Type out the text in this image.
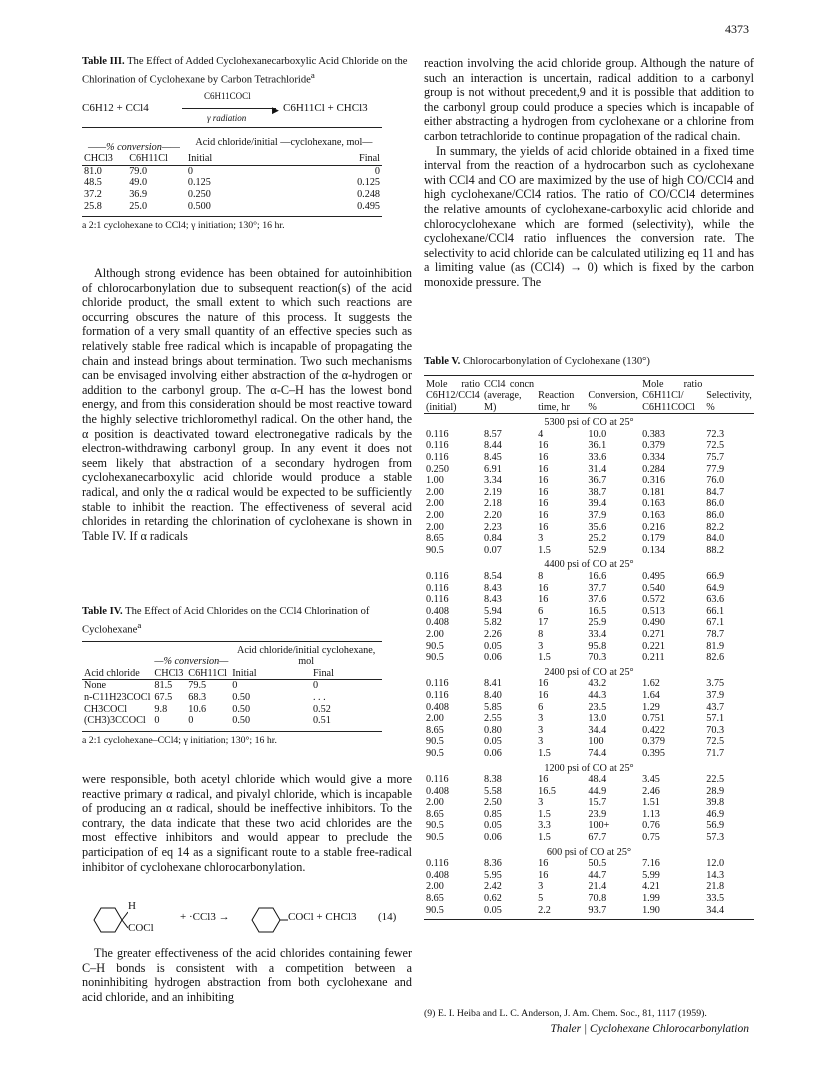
4373
Table III. The Effect of Added Cyclohexanecarboxylic Acid Chloride on the Chlorination of Cyclohexane by Carbon Tetrachloride$^a$
C6H12 + CCl4
C6H11COCl
▶
γ radiation
C6H11Cl + CHCl3
——% conversion——		Acid chloride/initial —cyclohexane, mol—	
CHCl3	C6H11Cl	Initial	Final
81.0	79.0	0	0
48.5	49.0	0.125	0.125
37.2	36.9	0.250	0.248
25.8	25.0	0.500	0.495
a 2:1 cyclohexane to CCl4; γ initiation; 130°; 16 hr.

Although strong evidence has been obtained for autoinhibition of chlorocarbonylation due to subsequent reaction(s) of the acid chloride product, the small extent to which such reactions are occurring obscures the nature of this process. It suggests the formation of a very small quantity of an effective species such as relatively stable free radical which is incapable of propagating the chain and instead brings about termination. Two such mechanisms can be envisaged involving either abstraction of the α-hydrogen or addition to the carbonyl group. The α-C–H has the lowest bond energy, and from this consideration should be most reactive toward the highly selective trichloromethyl radical. On the other hand, the α position is deactivated toward electronegative radicals by the electron-withdrawing carbonyl group. In any event it does not seem likely that abstraction of a secondary hydrogen from cyclohexanecarboxylic acid chloride would produce a stable radical, and only the α radical would be expected to be sufficiently stable to inhibit the reaction. The effectiveness of several acid chlorides in retarding the chlorination of cyclohexane is shown in Table IV. If α radicals

Table IV. The Effect of Acid Chlorides on the CCl4 Chlorination of Cyclohexane$^a$
	—% conversion—		Acid chloride/initial cyclohexane, mol	
Acid chloride	CHCl3	C6H11Cl	Initial	Final
None	81.5	79.5	0	0
n-C11H23COCl	67.5	68.3	0.50	. . .
CH3COCl	9.8	10.6	0.50	0.52
(CH3)3CCOCl	0	0	0.50	0.51
a 2:1 cyclohexane–CCl4; γ initiation; 130°; 16 hr.

were responsible, both acetyl chloride which would give a more reactive primary α radical, and pivalyl chloride, which is incapable of producing an α radical, should be ineffective inhibitors. To the contrary, the data indicate that these two acid chlorides are the most effective inhibitors and would appear to preclude the participation of eq 14 as a significant route to a stable free-radical inhibitor of cyclohexane chlorocarbonylation.

H
COCl
+ ·CCl3 →	COCl + CHCl3 (14)

The greater effectiveness of the acid chlorides containing fewer C–H bonds is consistent with a competition between a noninhibiting hydrogen abstraction from both cyclohexane and acid chloride, and an inhibiting

reaction involving the acid chloride group. Although the nature of such an interaction is uncertain, radical addition to a carbonyl group is not without precedent,9 and it is possible that addition to the carbonyl group could produce a species which is incapable of either abstracting a hydrogen from cyclohexane or a chlorine from carbon tetrachloride to continue propagation of the radical chain.

In summary, the yields of acid chloride obtained in a fixed time interval from the reaction of a hydrocarbon such as cyclohexane with CCl4 and CO are maximized by the use of high CO/CCl4 and high cyclohexane/CCl4 ratios. The ratio of CO/CCl4 determines the relative amounts of cyclohexane-carboxylic acid chloride and chlorocyclohexane which are formed (selectivity), while the cyclohexane/CCl4 ratio influences the conversion rate. The selectivity to acid chloride can be calculated utilizing eq 11 and has a limiting value (as (CCl4) → 0) which is fixed by the carbon monoxide pressure. The

Table V. Chlorocarbonylation of Cyclohexane (130°)
Mole ratio C6H12/CCl4 (initial)	CCl4 concn (average, M)	Reaction time, hr	Conversion, %	Mole ratio C6H11Cl/ C6H11COCl	Selectivity, %
5300 psi of CO at 25°					
0.116	8.57	4	10.0	0.383	72.3
0.116	8.44	16	36.1	0.379	72.5
0.116	8.45	16	33.6	0.334	75.7
0.250	6.91	16	31.4	0.284	77.9
1.00	3.34	16	36.7	0.316	76.0
2.00	2.19	16	38.7	0.181	84.7
2.00	2.18	16	39.4	0.163	86.0
2.00	2.20	16	37.9	0.163	86.0
2.00	2.23	16	35.6	0.216	82.2
8.65	0.84	3	25.2	0.179	84.0
90.5	0.07	1.5	52.9	0.134	88.2
4400 psi of CO at 25°					
0.116	8.54	8	16.6	0.495	66.9
0.116	8.43	16	37.7	0.540	64.9
0.116	8.43	16	37.6	0.572	63.6
0.408	5.94	6	16.5	0.513	66.1
0.408	5.82	17	25.9	0.490	67.1
2.00	2.26	8	33.4	0.271	78.7
90.5	0.05	3	95.8	0.221	81.9
90.5	0.06	1.5	70.3	0.211	82.6
2400 psi of CO at 25°					
0.116	8.41	16	43.2	1.62	3.75
0.116	8.40	16	44.3	1.64	37.9
0.408	5.85	6	23.5	1.29	43.7
2.00	2.55	3	13.0	0.751	57.1
8.65	0.80	3	34.4	0.422	70.3
90.5	0.05	3	100	0.379	72.5
90.5	0.06	1.5	74.4	0.395	71.7
1200 psi of CO at 25°					
0.116	8.38	16	48.4	3.45	22.5
0.408	5.58	16.5	44.9	2.46	28.9
2.00	2.50	3	15.7	1.51	39.8
8.65	0.85	1.5	23.9	1.13	46.9
90.5	0.05	3.3	100+	0.76	56.9
90.5	0.06	1.5	67.7	0.75	57.3
600 psi of CO at 25°					
0.116	8.36	16	50.5	7.16	12.0
0.408	5.95	16	44.7	5.99	14.3
2.00	2.42	3	21.4	4.21	21.8
8.65	0.62	5	70.8	1.99	33.5
90.5	0.05	2.2	93.7	1.90	34.4
(9) E. I. Heiba and L. C. Anderson, J. Am. Chem. Soc., 81, 1117 (1959).
Thaler | Cyclohexane Chlorocarbonylation
